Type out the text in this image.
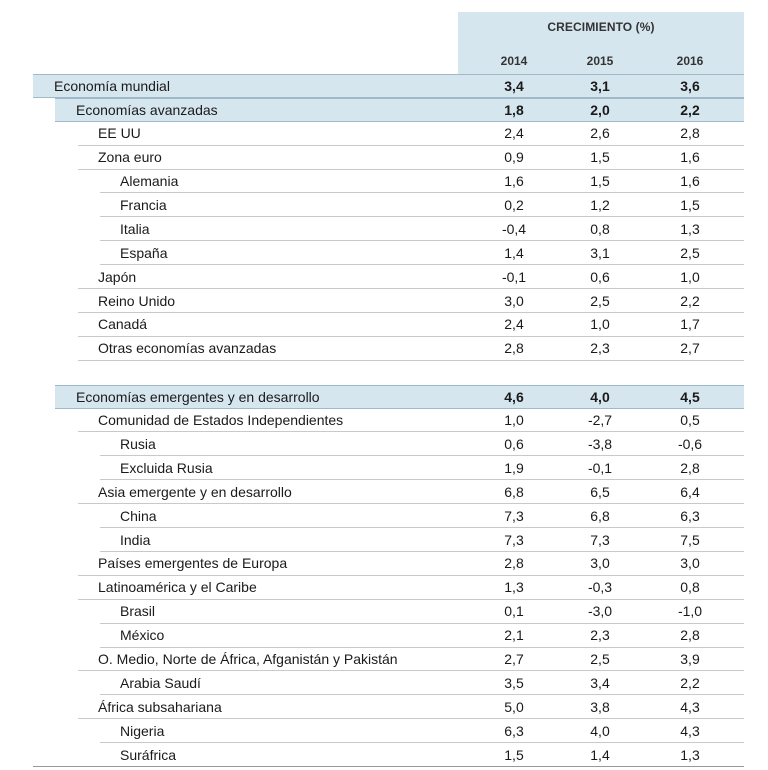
CRECIMIENTO (%)
2014	2015	2016
Economía mundial	3,4	3,1	3,6
Economías avanzadas	1,8	2,0	2,2
EE UU	2,4	2,6	2,8
Zona euro	0,9	1,5	1,6
Alemania	1,6	1,5	1,6
Francia	0,2	1,2	1,5
Italia	-0,4	0,8	1,3
España	1,4	3,1	2,5
Japón	-0,1	0,6	1,0
Reino Unido	3,0	2,5	2,2
Canadá	2,4	1,0	1,7
Otras economías avanzadas	2,8	2,3	2,7
Economías emergentes y en desarrollo	4,6	4,0	4,5
Comunidad de Estados Independientes	1,0	-2,7	0,5
Rusia	0,6	-3,8	-0,6
Excluida Rusia	1,9	-0,1	2,8
Asia emergente y en desarrollo	6,8	6,5	6,4
China	7,3	6,8	6,3
India	7,3	7,3	7,5
Países emergentes de Europa	2,8	3,0	3,0
Latinoamérica y el Caribe	1,3	-0,3	0,8
Brasil	0,1	-3,0	-1,0
México	2,1	2,3	2,8
O. Medio, Norte de África, Afganistán y Pakistán	2,7	2,5	3,9
Arabia Saudí	3,5	3,4	2,2
África subsahariana	5,0	3,8	4,3
Nigeria	6,3	4,0	4,3
Suráfrica	1,5	1,4	1,3
